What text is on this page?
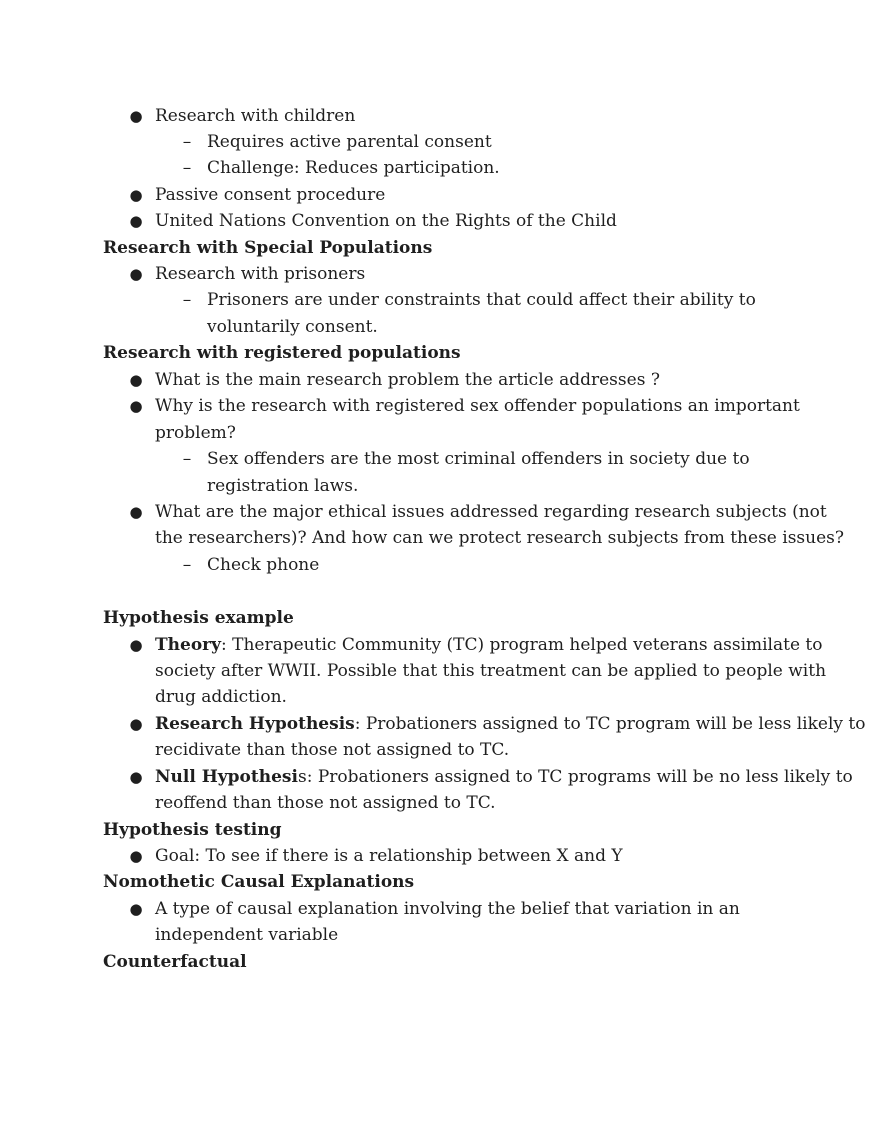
● Research with children
– Requires active parental consent
– Challenge: Reduces participation.
● Passive consent procedure
● United Nations Convention on the Rights of the Child
Research with Special Populations
● Research with prisoners
– Prisoners are under constraints that could affect their ability to
voluntarily consent.
Research with registered populations
● What is the main research problem the article addresses ?
● Why is the research with registered sex offender populations an important
problem?
– Sex offenders are the most criminal offenders in society due to
registration laws.
● What are the major ethical issues addressed regarding research subjects (not
the researchers)? And how can we protect research subjects from these issues?
– Check phone
Hypothesis example
● Theory: Therapeutic Community (TC) program helped veterans assimilate to
society after WWII. Possible that this treatment can be applied to people with
drug addiction.
● Research Hypothesis: Probationers assigned to TC program will be less likely to
recidivate than those not assigned to TC.
● Null Hypothesis: Probationers assigned to TC programs will be no less likely to
reoffend than those not assigned to TC.
Hypothesis testing
● Goal: To see if there is a relationship between X and Y
Nomothetic Causal Explanations
● A type of causal explanation involving the belief that variation in an
independent variable
Counterfactual
